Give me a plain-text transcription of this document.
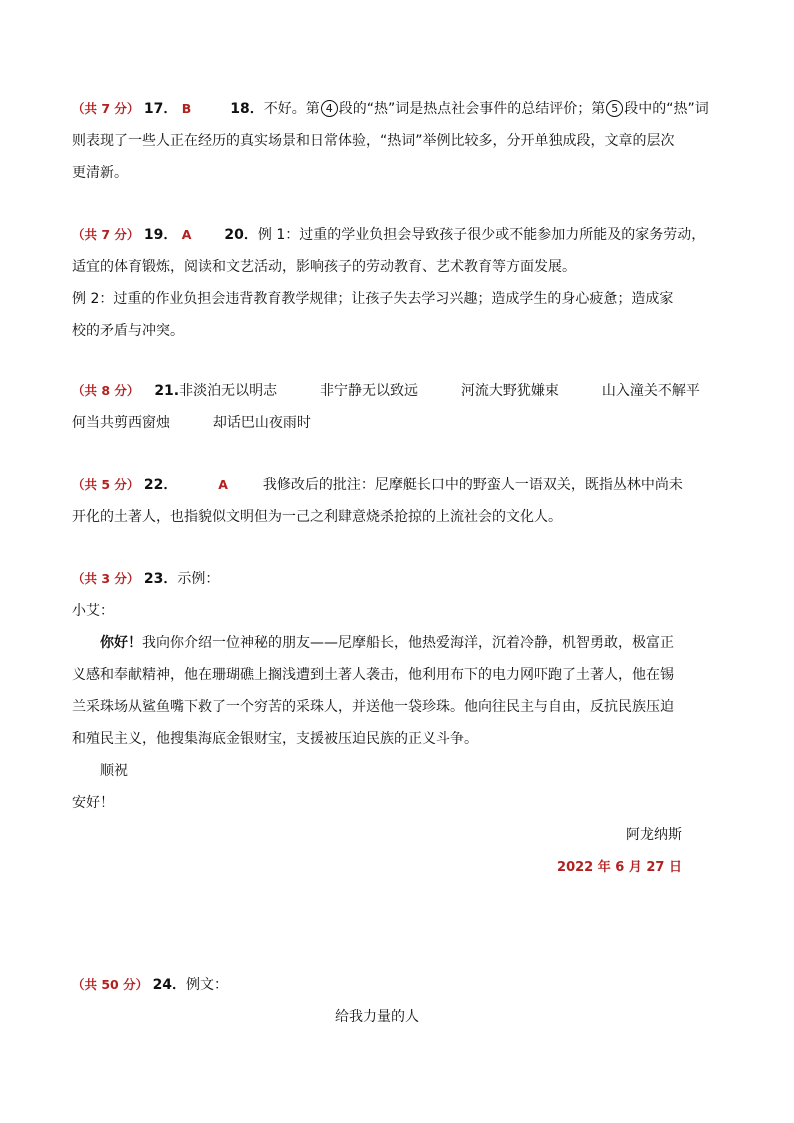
（共 7 分） 17． B	18．不好。第 4 段的“热”词是热点社会事件的总结评价；第 5 段中的“热”词
则表现了一些人正在经历的真实场景和日常体验，“热词”举例比较多，分开单独成段，文章的层次
更清新。
（共 7 分） 19． A 20．例 1：过重的学业负担会导致孩子很少或不能参加力所能及的家务劳动，
适宜的体育锻炼，阅读和文艺活动，影响孩子的劳动教育、艺术教育等方面发展。
例 2：过重的作业负担会违背教育教学规律；让孩子失去学习兴趣；造成学生的身心疲惫；造成家
校的矛盾与冲突。
（共 8 分） 21.非淡泊无以明志	非宁静无以致远	河流大野犹嫌束	山入潼关不解平
何当共剪西窗烛	却话巴山夜雨时
（共 5 分） 22．	A 我修改后的批注：尼摩艇长口中的野蛮人一语双关，既指丛林中尚未
开化的土著人，也指貌似文明但为一己之利肆意烧杀抢掠的上流社会的文化人。
（共 3 分） 23．示例：
小艾：
你好！我向你介绍一位神秘的朋友——尼摩船长，他热爱海洋，沉着冷静，机智勇敢，极富正
义感和奉献精神，他在珊瑚礁上搁浅遭到土著人袭击，他利用布下的电力网吓跑了土著人，他在锡
兰采珠场从鲨鱼嘴下救了一个穷苦的采珠人，并送他一袋珍珠。他向往民主与自由，反抗民族压迫
和殖民主义，他搜集海底金银财宝，支援被压迫民族的正义斗争。
顺祝
安好！
阿龙纳斯
2022 年 6 月 27 日
（共 50 分） 24．例文：
给我力量的人
